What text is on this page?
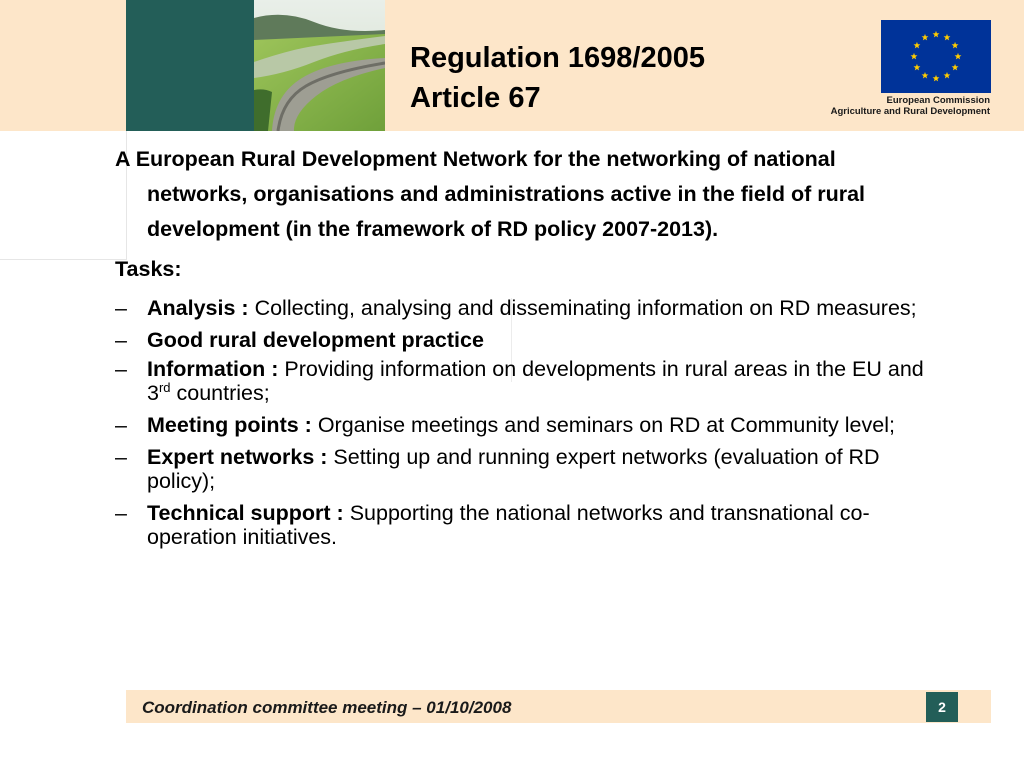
Regulation 1698/2005
Article 67	European Commission
Agriculture and Rural Development

A European Rural Development Network for the networking of national networks, organisations and administrations active in the field of rural development (in the framework of RD policy 2007-2013).

Tasks:
– Analysis : Collecting, analysing and disseminating information on RD measures;
– Good rural development practice
– Information : Providing information on developments in rural areas in the EU and 3rd countries;
– Meeting points : Organise meetings and seminars on RD at Community level;
– Expert networks : Setting up and running expert networks (evaluation of RD policy);
– Technical support : Supporting the national networks and transnational co-operation initiatives.
Coordination committee meeting – 01/10/2008	2
